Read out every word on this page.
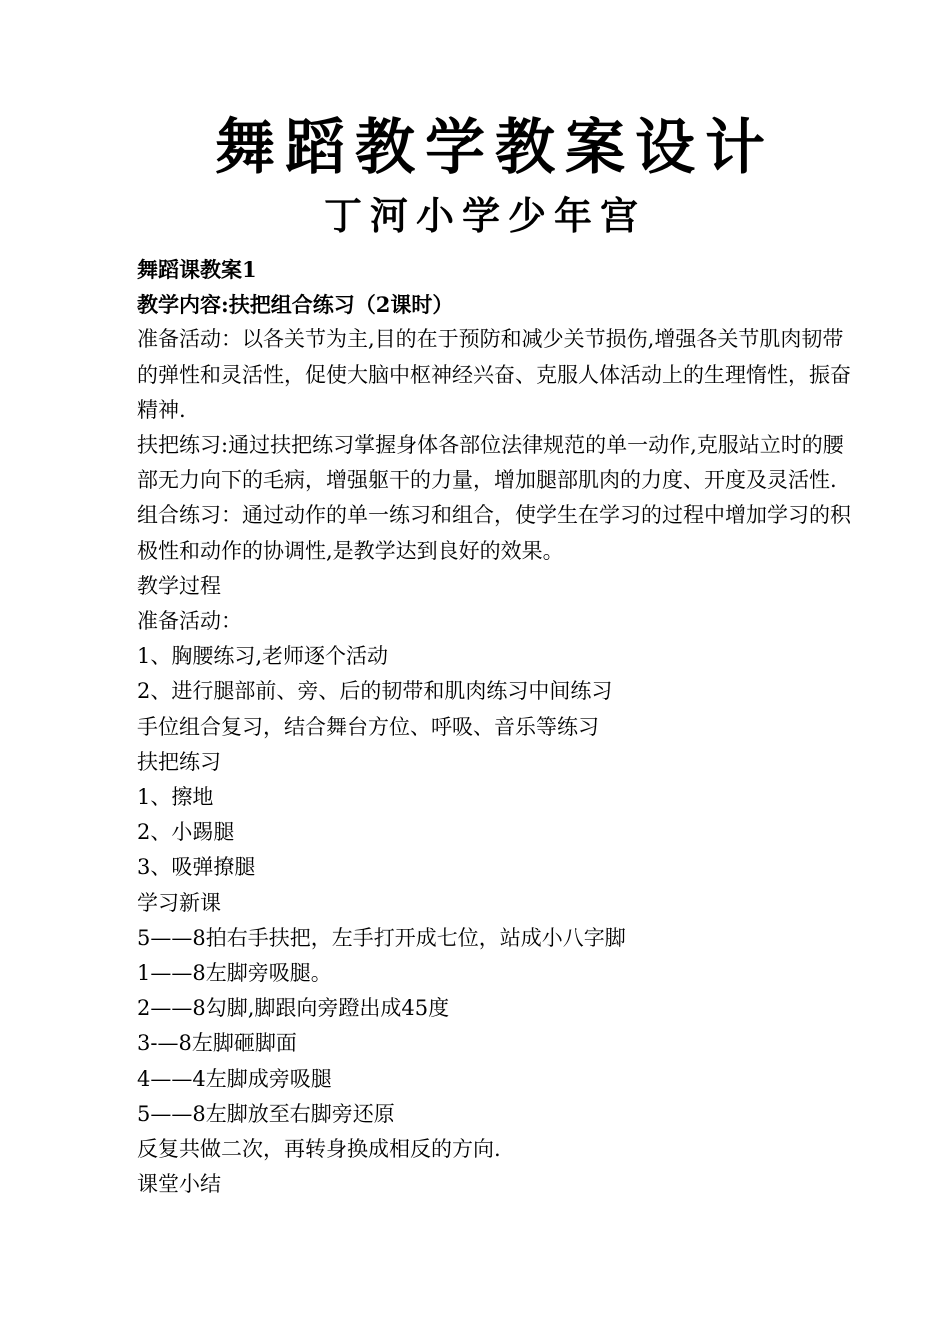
舞蹈教学教案设计
丁河小学少年宫

舞蹈课教案1

教学内容:扶把组合练习（2课时）

准备活动：以各关节为主,目的在于预防和减少关节损伤,增强各关节肌肉韧带的弹性和灵活性，促使大脑中枢神经兴奋、克服人体活动上的生理惰性，振奋精神.

扶把练习:通过扶把练习掌握身体各部位法律规范的单一动作,克服站立时的腰部无力向下的毛病，增强躯干的力量，增加腿部肌肉的力度、开度及灵活性.

组合练习：通过动作的单一练习和组合，使学生在学习的过程中增加学习的积极性和动作的协调性,是教学达到良好的效果。

教学过程

准备活动：

1、胸腰练习,老师逐个活动

2、进行腿部前、旁、后的韧带和肌肉练习中间练习

手位组合复习，结合舞台方位、呼吸、音乐等练习

扶把练习

1、擦地

2、小踢腿

3、吸弹撩腿

学习新课

5——8拍右手扶把，左手打开成七位，站成小八字脚

1——8左脚旁吸腿。

2——8勾脚,脚跟向旁蹬出成45度

3-—8左脚砸脚面

4——4左脚成旁吸腿

5——8左脚放至右脚旁还原

反复共做二次，再转身换成相反的方向.

课堂小结
